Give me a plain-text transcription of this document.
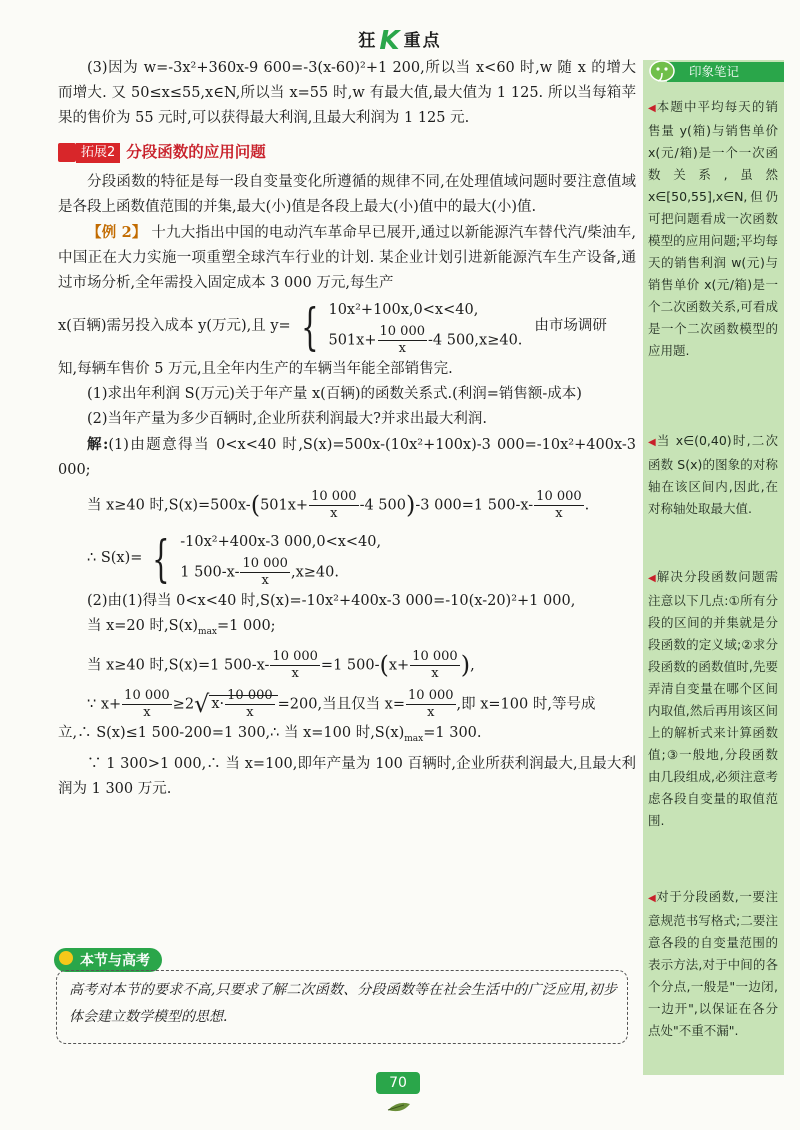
狂K 重点

(3)因为 w=-3x²+360x-9 600=-3(x-60)²+1 200,所以当 x<60 时,w 随 x 的增大而增大. 又 50≤x≤55,x∈N,所以当 x=55 时,w 有最大值,最大值为 1 125. 所以当每箱苹果的售价为 55 元时,可以获得最大利润,且最大利润为 1 125 元.

拓展2 分段函数的应用问题

分段函数的特征是每一段自变量变化所遵循的规律不同,在处理值域问题时要注意值域是各段上函数值范围的并集,最大(小)值是各段上最大(小)值中的最大(小)值.

【例 2】 十九大指出中国的电动汽车革命早已展开,通过以新能源汽车替代汽/柴油车,中国正在大力实施一项重塑全球汽车行业的计划. 某企业计划引进新能源汽车生产设备,通过市场分析,全年需投入固定成本 3 000 万元,每生产

x(百辆)需另投入成本 y(万元),且 y= { 10x²+100x,0<x<40,
$501x+ \frac{10 000}{x} -4$ 500,x≥40.
由市场调研

知,每辆车售价 5 万元,且全年内生产的车辆当年能全部销售完.

(1)求出年利润 S(万元)关于年产量 x(百辆)的函数关系式.(利润=销售额-成本)

(2)当年产量为多少百辆时,企业所获利润最大?并求出最大利润.

解:(1)由题意得当 0<x<40 时,S(x)=500x-(10x²+100x)-3 000=-10x²+400x-3 000;

当 x≥40 时$,S(x)=500x-(501x+ \frac{10 000}{x} -4$ 500)-3 000=1 $500-x- \frac{10 000}{x}$ .

∴ S(x)= { -10x²+400x-3 000,0<x<40,
1 $500-x- \frac{10 000}{x} ,x\ge 40$.

(2)由(1)得当 0<x<40 时,S(x)=-10x²+400x-3 000=-10(x-20)²+1 000,

当 x=20 时$,S(x)_{max}=1$ 000;

当 x≥40 时,S(x)=1 $500-x- \frac{10 000}{x} =1$ $500-(x+ \frac{10 000}{x}$ ),

∵ $x+ \frac{10 000}{x} \ge 2√$ $x\cdot \frac{10 000}{x} =200$,当且仅当 $x= \frac{10 000}{x}$ ,即 x=100 时,等号成

立,∴ S(x)≤1 500-200=1 300,∴ 当 x=100 时$,S(x)_{max}=1$ 300.

∵ 1 300>1 000,∴ 当 x=100,即年产量为 100 百辆时,企业所获利润最大,且最大利润为 1 300 万元.

本节与高考
高考对本节的要求不高,只要求了解二次函数、分段函数等在社会生活中的广泛应用,初步体会建立数学模型的思想.
印象笔记
◀本题中平均每天的销售量 y(箱)与销售单价 x(元/箱)是一个一次函数关系,虽然 x∈[50,55],x∈N,但仍可把问题看成一次函数模型的应用问题;平均每天的销售利润 w(元)与销售单价 x(元/箱)是一个二次函数关系,可看成是一个二次函数模型的应用题.
◀当 x∈(0,40)时,二次函数 S(x)的图象的对称轴在该区间内,因此,在对称轴处取最大值.
◀解决分段函数问题需注意以下几点:①所有分段的区间的并集就是分段函数的定义域;②求分段函数的函数值时,先要弄清自变量在哪个区间内取值,然后再用该区间上的解析式来计算函数值;③一般地,分段函数由几段组成,必须注意考虑各段自变量的取值范围.
◀对于分段函数,一要注意规范书写格式;二要注意各段的自变量范围的表示方法,对于中间的各个分点,一般是"一边闭,一边开",以保证在各分点处"不重不漏".
70
